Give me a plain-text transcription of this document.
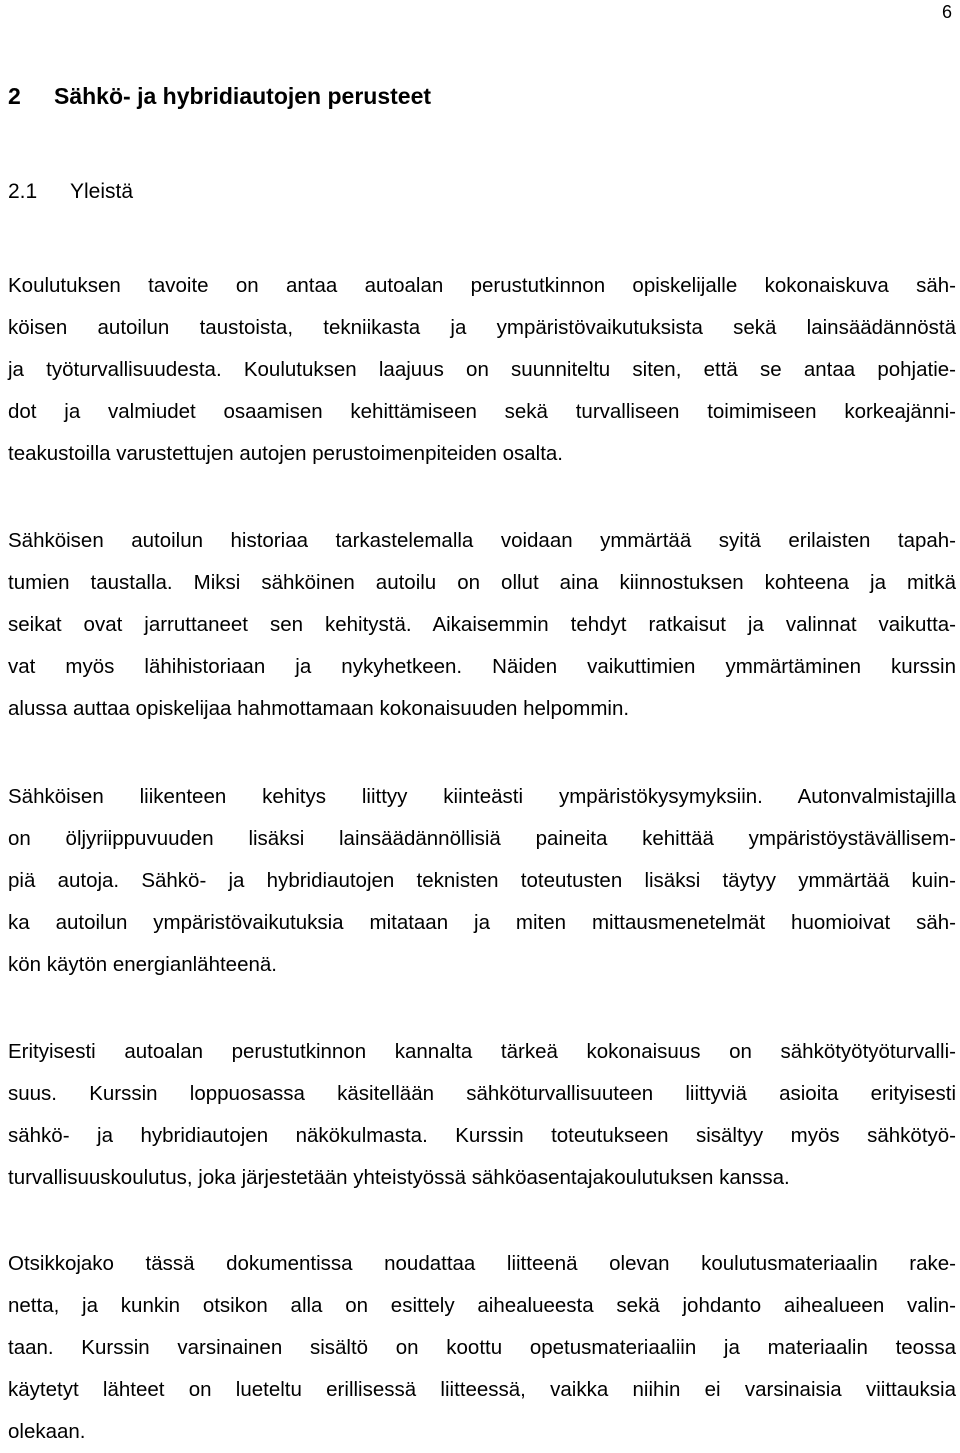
6
2 Sähkö- ja hybridiautojen perusteet
2.1 Yleistä
Koulutuksen tavoite on antaa autoalan perustutkinnon opiskelijalle kokonaiskuva säh-
köisen autoilun taustoista, tekniikasta ja ympäristövaikutuksista sekä lainsäädännöstä
ja työturvallisuudesta. Koulutuksen laajuus on suunniteltu siten, että se antaa pohjatie-
dot ja valmiudet osaamisen kehittämiseen sekä turvalliseen toimimiseen korkeajänni-
teakustoilla varustettujen autojen perustoimenpiteiden osalta.
Sähköisen autoilun historiaa tarkastelemalla voidaan ymmärtää syitä erilaisten tapah-
tumien taustalla. Miksi sähköinen autoilu on ollut aina kiinnostuksen kohteena ja mitkä
seikat ovat jarruttaneet sen kehitystä. Aikaisemmin tehdyt ratkaisut ja valinnat vaikutta-
vat myös lähihistoriaan ja nykyhetkeen. Näiden vaikuttimien ymmärtäminen kurssin
alussa auttaa opiskelijaa hahmottamaan kokonaisuuden helpommin.
Sähköisen liikenteen kehitys liittyy kiinteästi ympäristökysymyksiin. Autonvalmistajilla
on öljyriippuvuuden lisäksi lainsäädännöllisiä paineita kehittää ympäristöystävällisem-
piä autoja. Sähkö- ja hybridiautojen teknisten toteutusten lisäksi täytyy ymmärtää kuin-
ka autoilun ympäristövaikutuksia mitataan ja miten mittausmenetelmät huomioivat säh-
kön käytön energianlähteenä.
Erityisesti autoalan perustutkinnon kannalta tärkeä kokonaisuus on sähkötyötyöturvalli-
suus. Kurssin loppuosassa käsitellään sähköturvallisuuteen liittyviä asioita erityisesti
sähkö- ja hybridiautojen näkökulmasta. Kurssin toteutukseen sisältyy myös sähkötyö-
turvallisuuskoulutus, joka järjestetään yhteistyössä sähköasentajakoulutuksen kanssa.
Otsikkojako tässä dokumentissa noudattaa liitteenä olevan koulutusmateriaalin rake-
netta, ja kunkin otsikon alla on esittely aihealueesta sekä johdanto aihealueen valin-
taan. Kurssin varsinainen sisältö on koottu opetusmateriaaliin ja materiaalin teossa
käytetyt lähteet on lueteltu erillisessä liitteessä, vaikka niihin ei varsinaisia viittauksia
olekaan.
